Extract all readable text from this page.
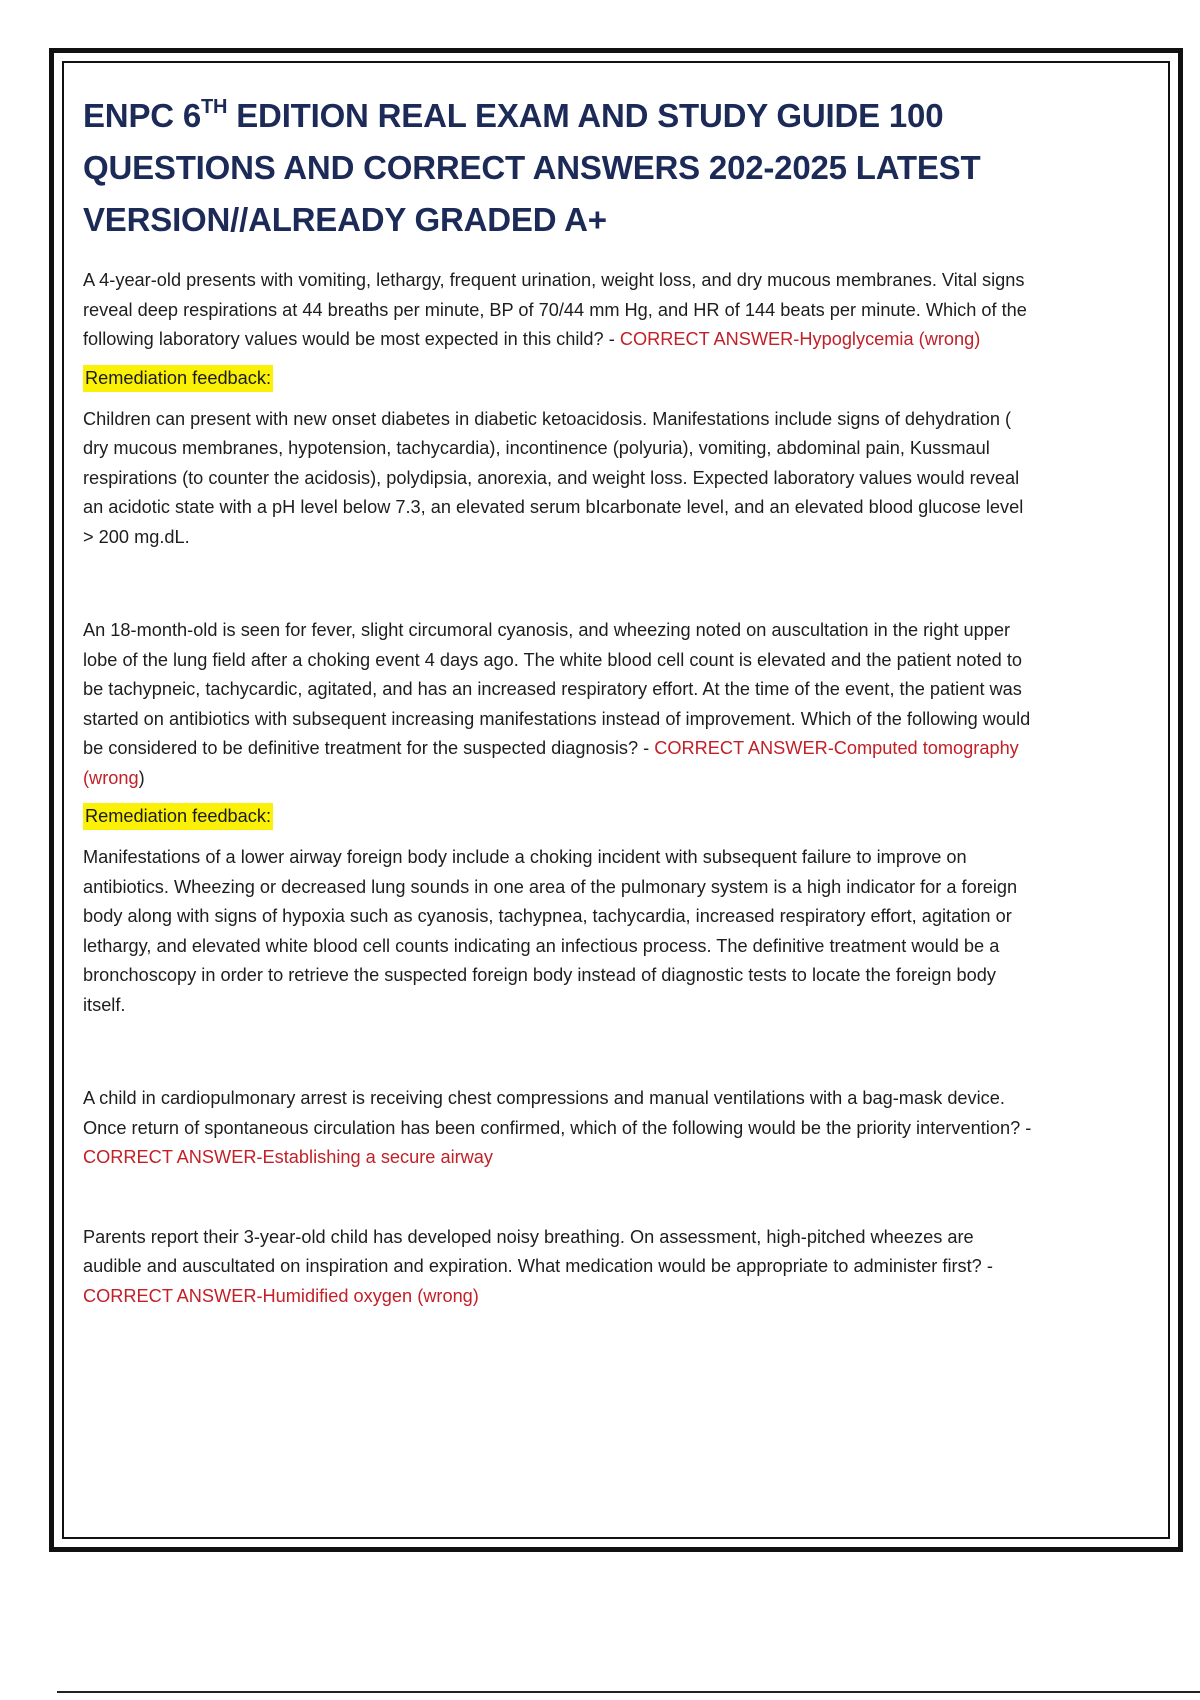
ENPC 6TH EDITION REAL EXAM AND STUDY GUIDE 100 QUESTIONS AND CORRECT ANSWERS 202-2025 LATEST VERSION//ALREADY GRADED A+

A 4-year-old presents with vomiting, lethargy, frequent urination, weight loss, and dry mucous membranes. Vital signs reveal deep respirations at 44 breaths per minute, BP of 70/44 mm Hg, and HR of 144 beats per minute. Which of the following laboratory values would be most expected in this child? - CORRECT ANSWER-Hypoglycemia (wrong)

Remediation feedback:

Children can present with new onset diabetes in diabetic ketoacidosis. Manifestations include signs of dehydration ( dry mucous membranes, hypotension, tachycardia), incontinence (polyuria), vomiting, abdominal pain, Kussmaul respirations (to counter the acidosis), polydipsia, anorexia, and weight loss. Expected laboratory values would reveal an acidotic state with a pH level below 7.3, an elevated serum bIcarbonate level, and an elevated blood glucose level > 200 mg.dL.

An 18-month-old is seen for fever, slight circumoral cyanosis, and wheezing noted on auscultation in the right upper lobe of the lung field after a choking event 4 days ago. The white blood cell count is elevated and the patient noted to be tachypneic, tachycardic, agitated, and has an increased respiratory effort. At the time of the event, the patient was started on antibiotics with subsequent increasing manifestations instead of improvement. Which of the following would be considered to be definitive treatment for the suspected diagnosis? - CORRECT ANSWER-Computed tomography (wrong)

Remediation feedback:

Manifestations of a lower airway foreign body include a choking incident with subsequent failure to improve on antibiotics. Wheezing or decreased lung sounds in one area of the pulmonary system is a high indicator for a foreign body along with signs of hypoxia such as cyanosis, tachypnea, tachycardia, increased respiratory effort, agitation or lethargy, and elevated white blood cell counts indicating an infectious process. The definitive treatment would be a bronchoscopy in order to retrieve the suspected foreign body instead of diagnostic tests to locate the foreign body itself.

A child in cardiopulmonary arrest is receiving chest compressions and manual ventilations with a bag-mask device. Once return of spontaneous circulation has been confirmed, which of the following would be the priority intervention? - CORRECT ANSWER-Establishing a secure airway

Parents report their 3-year-old child has developed noisy breathing. On assessment, high-pitched wheezes are audible and auscultated on inspiration and expiration. What medication would be appropriate to administer first? - CORRECT ANSWER-Humidified oxygen (wrong)
